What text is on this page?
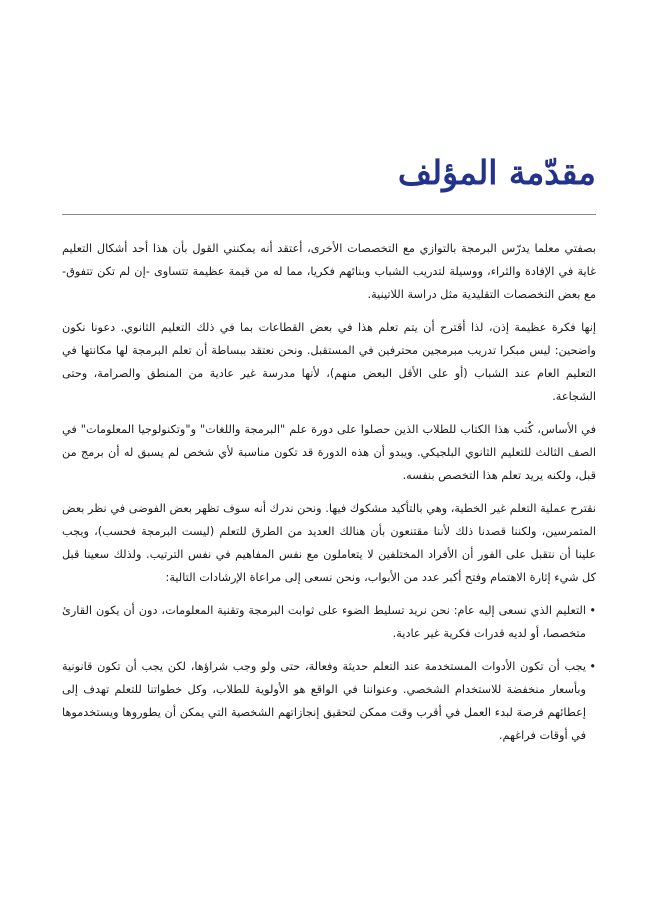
مقدّمة المؤلف

بصفتي معلما يدرّس البرمجة بالتوازي مع التخصصات الأخرى، أعتقد أنه يمكنني القول بأن هذا أحد أشكال التعليم غاية في الإفادة والثراء، ووسيلة لتدريب الشباب وبنائهم فكريا، مما له من قيمة عظيمة تتساوى -إن لم تكن تتفوق- مع بعض التخصصات التقليدية مثل دراسة اللاتينية.

إنها فكرة عظيمة إذن، لذا أقترح أن يتم تعلم هذا في بعض القطاعات بما في ذلك التعليم الثانوي. دعونا نكون واضحين: ليس مبكرا تدريب مبرمجين محترفين في المستقبل. ونحن نعتقد ببساطة أن تعلم البرمجة لها مكانتها في التعليم العام عند الشباب (أو على الأقل البعض منهم)، لأنها مدرسة غير عادية من المنطق والصرامة، وحتى الشجاعة.

في الأساس، كُتب هذا الكتاب للطلاب الذين حصلوا على دورة علم "البرمجة واللغات" و"وتكنولوجيا المعلومات" في الصف الثالث للتعليم الثانوي البلجيكي. ويبدو أن هذه الدورة قد تكون مناسبة لأي شخص لم يسبق له أن برمج من قبل، ولكنه يريد تعلم هذا التخصص بنفسه.

نقترح عملية التعلم غير الخطية، وهي بالتأكيد مشكوك فيها. ونحن ندرك أنه سوف تظهر بعض الفوضى في نظر بعض المتمرسين، ولكننا قصدنا ذلك لأننا مقتنعون بأن هنالك العديد من الطرق للتعلم (ليست البرمجة فحسب)، ويجب علينا أن نتقبل على الفور أن الأفراد المختلفين لا يتعاملون مع نفس المفاهيم في نفس الترتيب. ولذلك سعينا قبل كل شيء إثارة الاهتمام وفتح أكبر عدد من الأبواب، ونحن نسعى إلى مراعاة الإرشادات التالية:

•
التعليم الذي نسعى إليه عام: نحن نريد تسليط الضوء على ثوابت البرمجة وتقنية المعلومات، دون أن يكون القارئ متخصصا، أو لديه قدرات فكرية غير عادية.
•
يجب أن تكون الأدوات المستخدمة عند التعلم حديثة وفعالة، حتى ولو وجب شراؤها، لكن يجب أن تكون قانونية وبأسعار منخفضة للاستخدام الشخصي. وعنواننا في الواقع هو الأولوية للطلاب، وكل خطواتنا للتعلم تهدف إلى إعطائهم فرصة لبدء العمل في أقرب وقت ممكن لتحقيق إنجازاتهم الشخصية التي يمكن أن يطوروها ويستخدموها في أوقات فراغهم.
